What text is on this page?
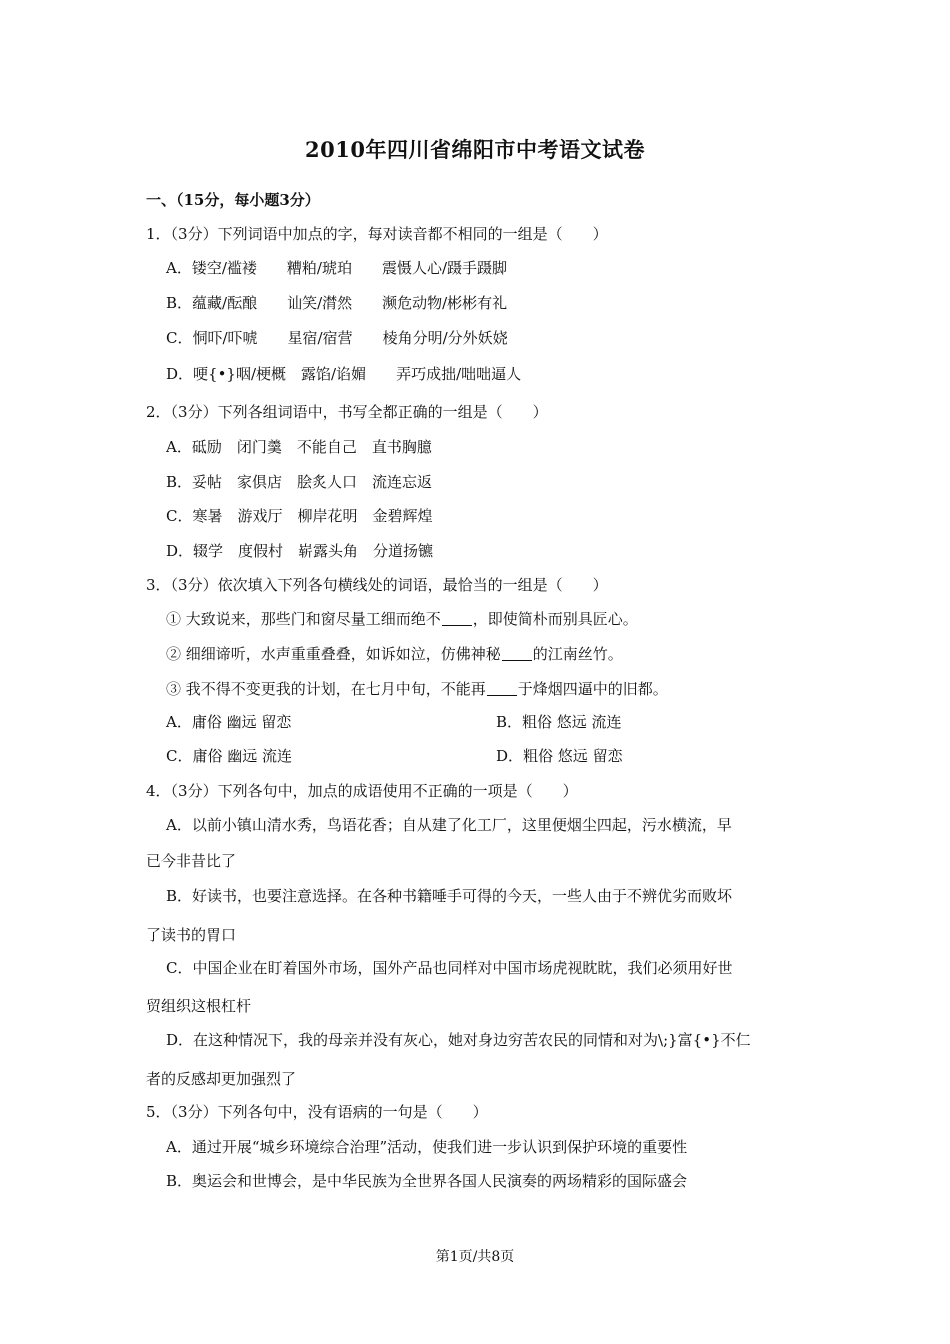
2010年四川省绵阳市中考语文试卷
一、（15分，每小题3分）
1．（3分）下列词语中加点的字，每对读音都不相同的一组是（　　）
A．镂空/褴褛　　糟粕/琥珀　　震慑人心/蹑手蹑脚
B．蕴藏/酝酿　　讪笑/潸然　　濒危动物/彬彬有礼
C．恫吓/吓唬　　星宿/宿营　　棱角分明/分外妖娆
D．哽{•}咽/梗概　露馅/谄媚　　弄巧成拙/咄咄逼人
2．（3分）下列各组词语中，书写全都正确的一组是（　　）
A．砥励　闭门羹　不能自己　直书胸臆
B．妥帖　家俱店　脍炙人口　流连忘返
C．寒暑　游戏厅　柳岸花明　金碧辉煌
D．辍学　度假村　崭露头角　分道扬镳
3．（3分）依次填入下列各句横线处的词语，最恰当的一组是（　　）
① 大致说来，那些门和窗尽量工细而绝不 ，即使简朴而别具匠心。
② 细细谛听，水声重重叠叠，如诉如泣，仿佛神秘 的江南丝竹。
③ 我不得不变更我的计划，在七月中旬，不能再 于烽烟四逼中的旧都。
A．庸俗 幽远 留恋	B．粗俗 悠远 流连
C．庸俗 幽远 流连	D．粗俗 悠远 留恋
4．（3分）下列各句中，加点的成语使用不正确的一项是（　　）
A．以前小镇山清水秀，鸟语花香；自从建了化工厂，这里便烟尘四起，污水横流，早
已今非昔比了
B．好读书，也要注意选择。在各种书籍唾手可得的今天，一些人由于不辨优劣而败坏
了读书的胃口
C．中国企业在盯着国外市场，国外产品也同样对中国市场虎视眈眈，我们必须用好世
贸组织这根杠杆
D．在这种情况下，我的母亲并没有灰心，她对身边穷苦农民的同情和对为\;}富{•}不仁
者的反感却更加强烈了
5．（3分）下列各句中，没有语病的一句是（　　）
A．通过开展“城乡环境综合治理”活动，使我们进一步认识到保护环境的重要性
B．奥运会和世博会，是中华民族为全世界各国人民演奏的两场精彩的国际盛会
第1页/共8页
